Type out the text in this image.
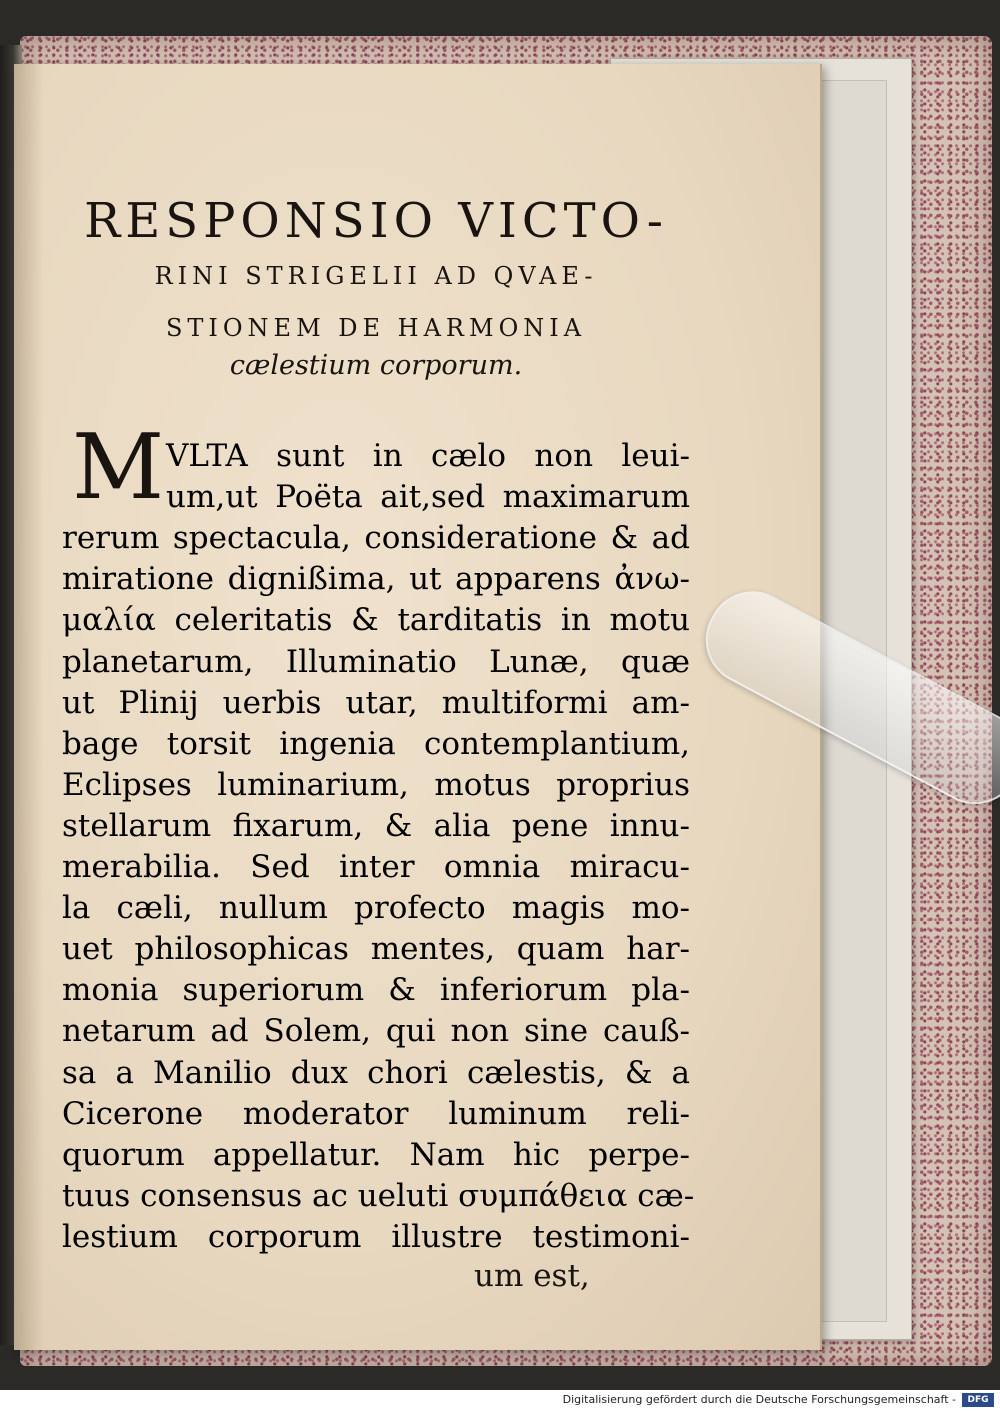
RESPONSIO VICTO-
RINI STRIGELII AD QVAE-
STIONEM DE HARMONIA
cælestium corporum.
M VLTA sunt in cælo non leui-
um,ut Poëta ait,sed maximarum
rerum spectacula, consideratione & ad
miratione dignißima, ut apparens ἀνω-
μαλία celeritatis & tarditatis in motu
planetarum, Illuminatio Lunæ, quæ
ut Plinij uerbis utar, multiformi am-
bage torsit ingenia contemplantium,
Eclipses luminarium, motus proprius
stellarum fixarum, & alia pene innu-
merabilia. Sed inter omnia miracu-
la cæli, nullum profecto magis mo-
uet philosophicas mentes, quam har-
monia superiorum & inferiorum pla-
netarum ad Solem, qui non sine cauß-
sa a Manilio dux chori cælestis, & a
Cicerone moderator luminum reli-
quorum appellatur. Nam hic perpe-
tuus consensus ac ueluti συμπάθεια cæ-
lestium corporum illustre testimoni-
um est,
Digitalisierung gefördert durch die Deutsche Forschungsgemeinschaft -	DFG
